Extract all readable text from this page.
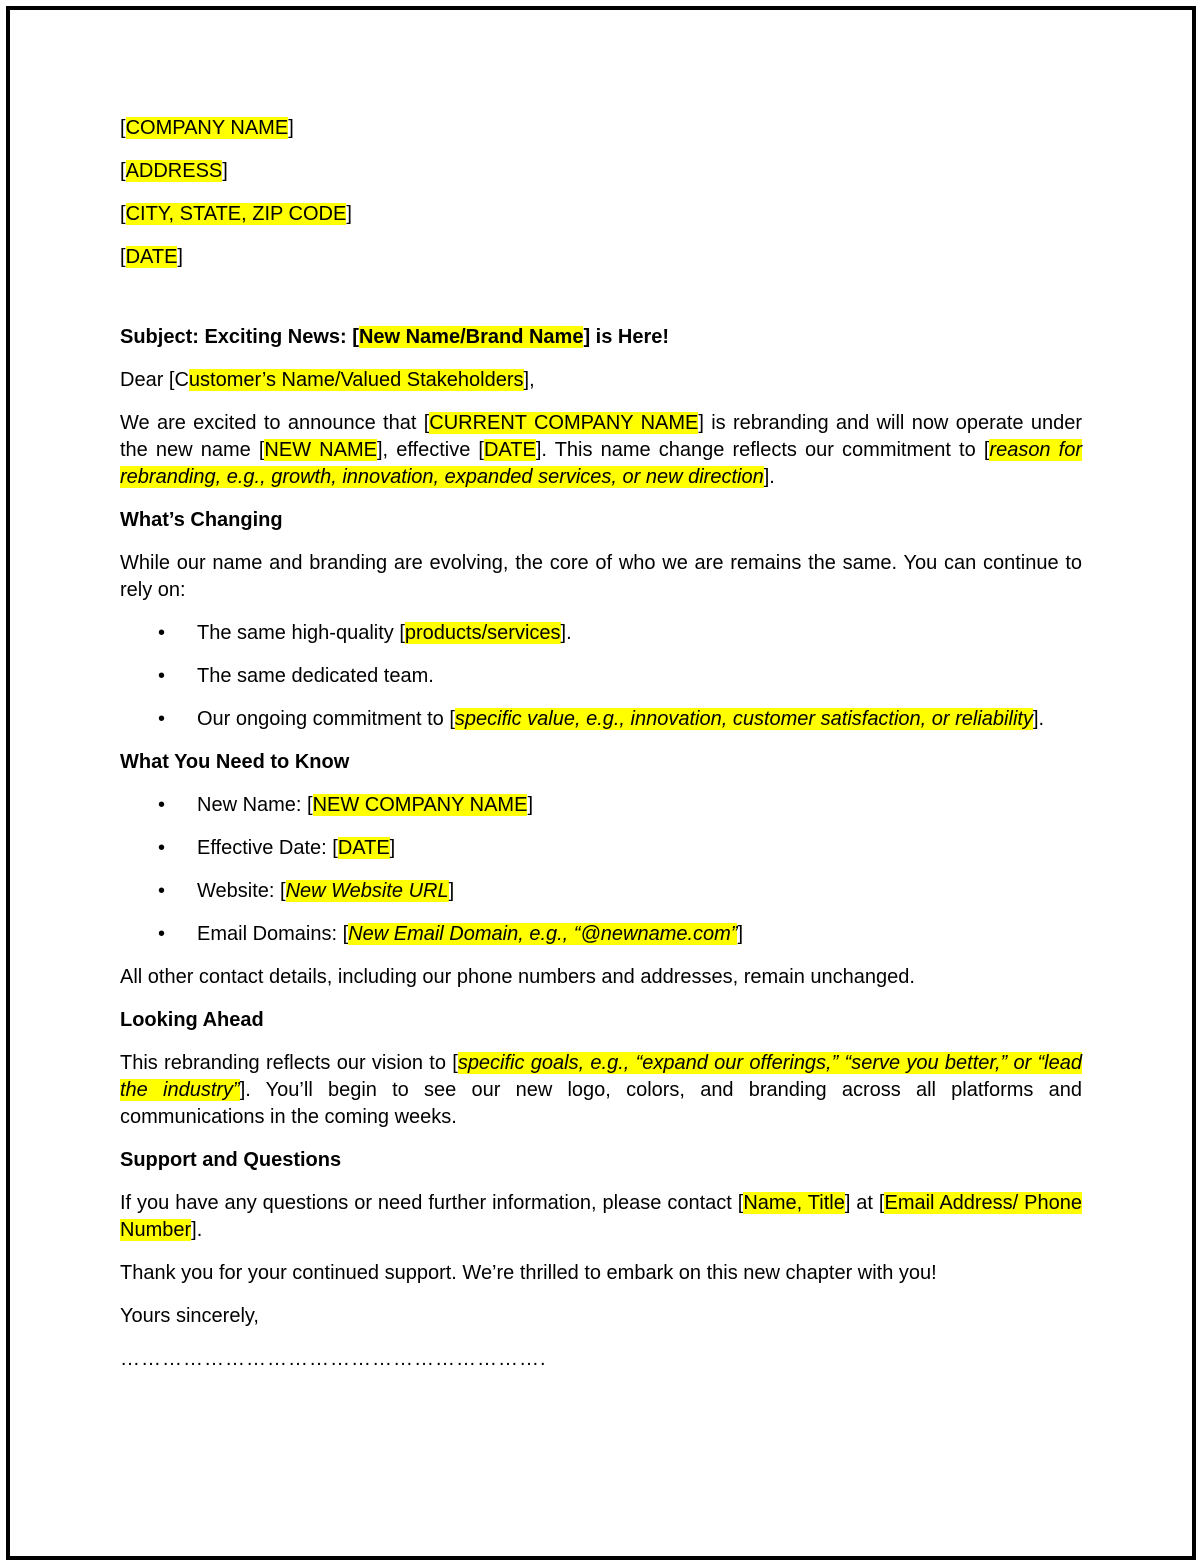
[COMPANY NAME]

[ADDRESS]

[CITY, STATE, ZIP CODE]

[DATE]

Subject: Exciting News: [New Name/Brand Name] is Here!

Dear [Customer’s Name/Valued Stakeholders],

We are excited to announce that [CURRENT COMPANY NAME] is rebranding and will now operate under the new name [NEW NAME], effective [DATE]. This name change reflects our commitment to [reason for rebranding, e.g., growth, innovation, expanded services, or new direction].

What’s Changing

While our name and branding are evolving, the core of who we are remains the same. You can continue to rely on:

• The same high-quality [products/services].
• The same dedicated team.
• Our ongoing commitment to [specific value, e.g., innovation, customer satisfaction, or reliability].

What You Need to Know

• New Name: [NEW COMPANY NAME]
• Effective Date: [DATE]
• Website: [New Website URL]
• Email Domains: [New Email Domain, e.g., “@newname.com”]

All other contact details, including our phone numbers and addresses, remain unchanged.

Looking Ahead

This rebranding reflects our vision to [specific goals, e.g., “expand our offerings,” “serve you better,” or “lead the industry”]. You’ll begin to see our new logo, colors, and branding across all platforms and communications in the coming weeks.

Support and Questions

If you have any questions or need further information, please contact [Name, Title] at [Email Address/ Phone Number].

Thank you for your continued support. We’re thrilled to embark on this new chapter with you!

Yours sincerely,

…………………………………………………….
